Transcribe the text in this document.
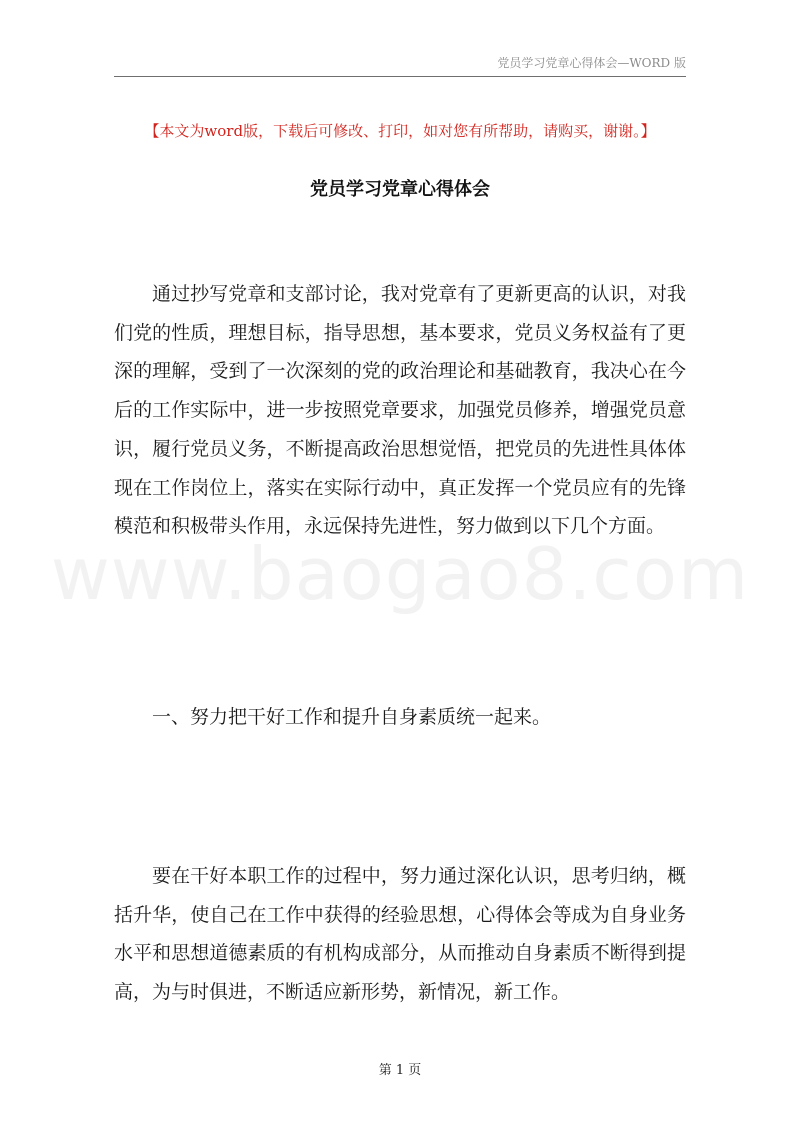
党员学习党章心得体会—WORD 版
【本文为word版，下载后可修改、打印，如对您有所帮助，请购买，谢谢。】
党员学习党章心得体会
www.baogao8.com

通过抄写党章和支部讨论，我对党章有了更新更高的认识，对我们党的性质，理想目标，指导思想，基本要求，党员义务权益有了更深的理解，受到了一次深刻的党的政治理论和基础教育，我决心在今后的工作实际中，进一步按照党章要求，加强党员修养，增强党员意识，履行党员义务，不断提高政治思想觉悟，把党员的先进性具体体现在工作岗位上，落实在实际行动中，真正发挥一个党员应有的先锋模范和积极带头作用，永远保持先进性，努力做到以下几个方面。

一、努力把干好工作和提升自身素质统一起来。

要在干好本职工作的过程中，努力通过深化认识，思考归纳，概括升华，使自己在工作中获得的经验思想，心得体会等成为自身业务水平和思想道德素质的有机构成部分，从而推动自身素质不断得到提高，为与时俱进，不断适应新形势，新情况，新工作。

第 1 页
